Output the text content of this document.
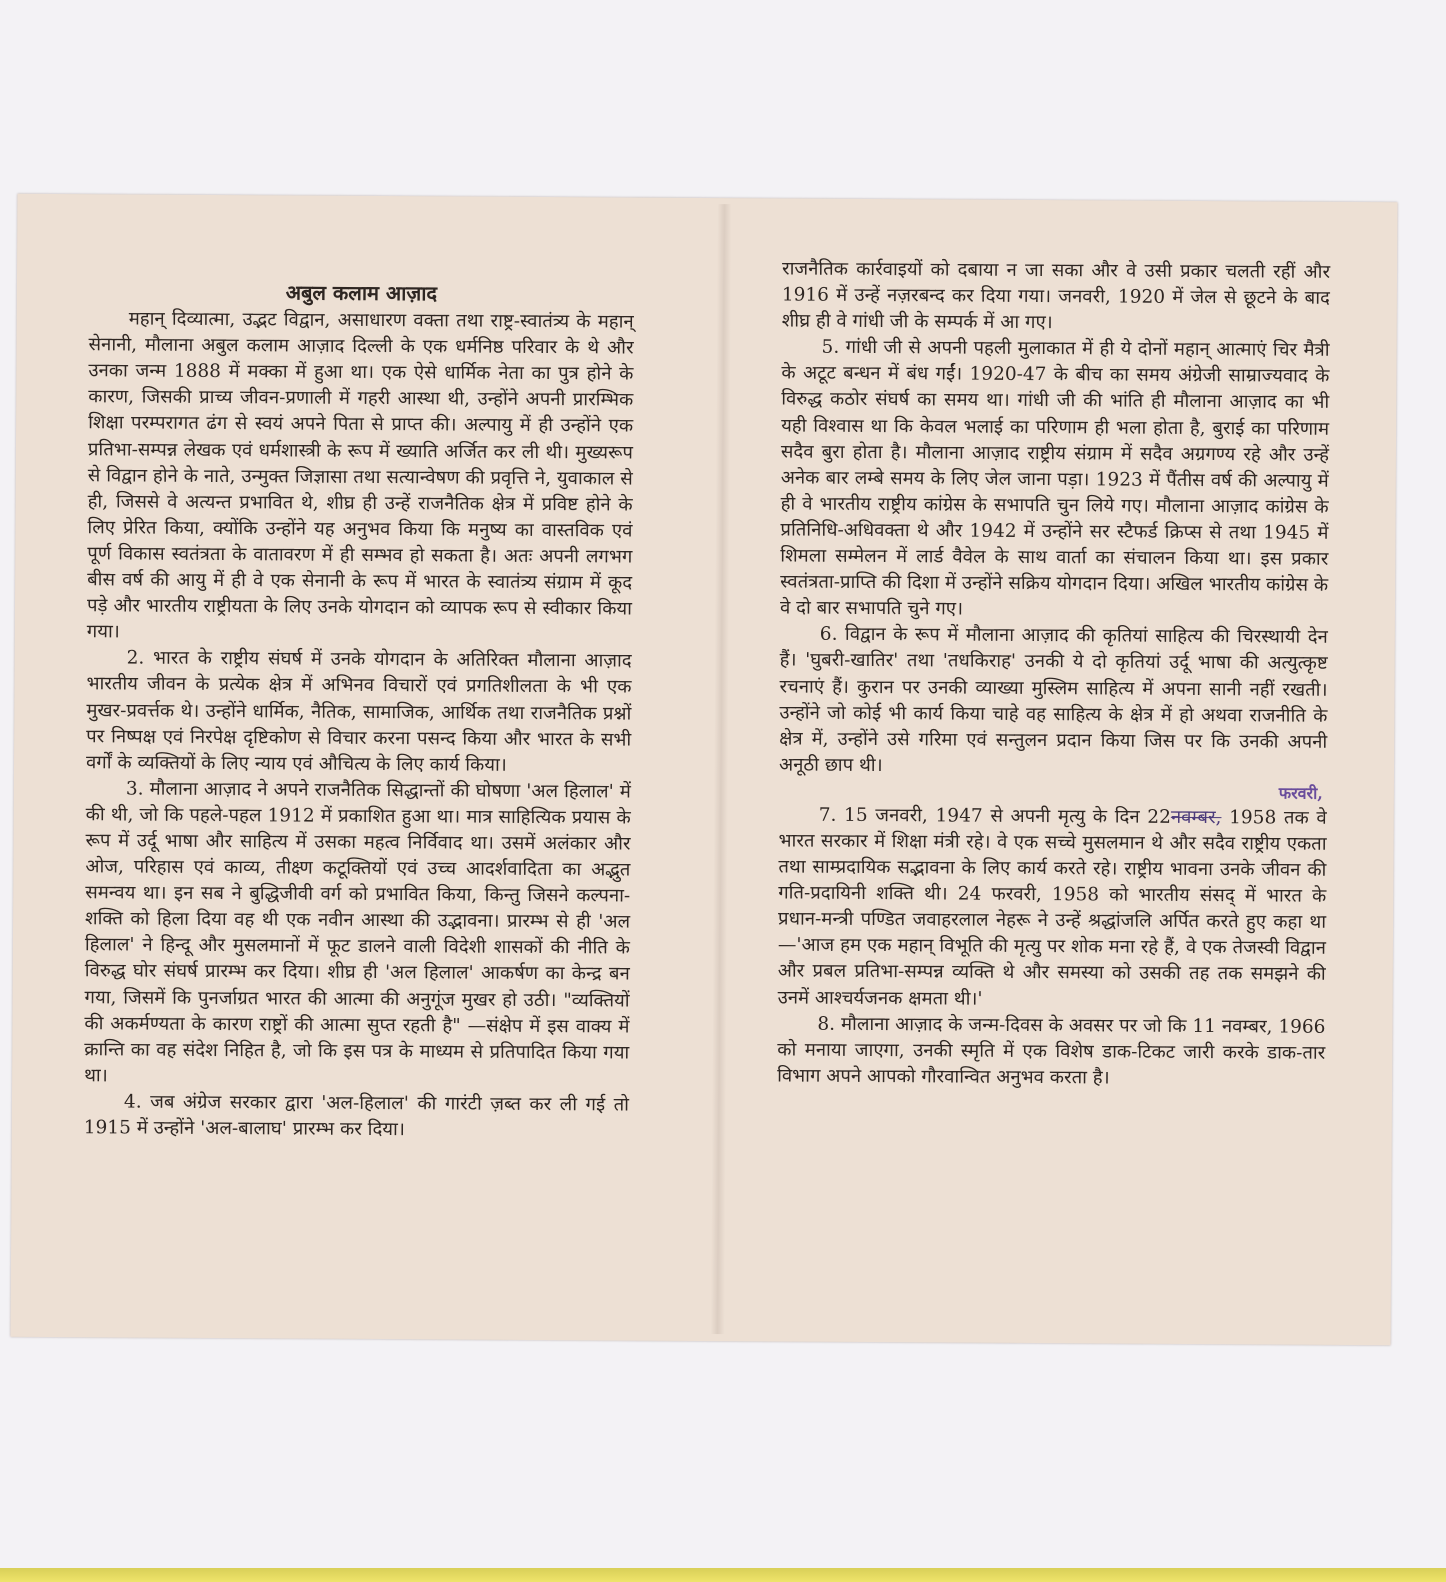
अबुल कलाम आज़ाद

महान् दिव्यात्मा, उद्भट विद्वान, असाधारण वक्ता तथा राष्ट्र-स्वातंत्र्य के महान् सेनानी, मौलाना अबुल कलाम आज़ाद दिल्ली के एक धर्मनिष्ठ परिवार के थे और उनका जन्म 1888 में मक्का में हुआ था। एक ऐसे धार्मिक नेता का पुत्र होने के कारण, जिसकी प्राच्य जीवन-प्रणाली में गहरी आस्था थी, उन्होंने अपनी प्रारम्भिक शिक्षा परम्परागत ढंग से स्वयं अपने पिता से प्राप्त की। अल्पायु में ही उन्होंने एक प्रतिभा-सम्पन्न लेखक एवं धर्मशास्त्री के रूप में ख्याति अर्जित कर ली थी। मुख्यरूप से विद्वान होने के नाते, उन्मुक्त जिज्ञासा तथा सत्यान्वेषण की प्रवृत्ति ने, युवाकाल से ही, जिससे वे अत्यन्त प्रभावित थे, शीघ्र ही उन्हें राजनैतिक क्षेत्र में प्रविष्ट होने के लिए प्रेरित किया, क्योंकि उन्होंने यह अनुभव किया कि मनुष्य का वास्तविक एवं पूर्ण विकास स्वतंत्रता के वातावरण में ही सम्भव हो सकता है। अतः अपनी लगभग बीस वर्ष की आयु में ही वे एक सेनानी के रूप में भारत के स्वातंत्र्य संग्राम में कूद पड़े और भारतीय राष्ट्रीयता के लिए उनके योगदान को व्यापक रूप से स्वीकार किया गया।

2. भारत के राष्ट्रीय संघर्ष में उनके योगदान के अतिरिक्त मौलाना आज़ाद भारतीय जीवन के प्रत्येक क्षेत्र में अभिनव विचारों एवं प्रगतिशीलता के भी एक मुखर-प्रवर्त्तक थे। उन्होंने धार्मिक, नैतिक, सामाजिक, आर्थिक तथा राजनैतिक प्रश्नों पर निष्पक्ष एवं निरपेक्ष दृष्टिकोण से विचार करना पसन्द किया और भारत के सभी वर्गों के व्यक्तियों के लिए न्याय एवं औचित्य के लिए कार्य किया।

3. मौलाना आज़ाद ने अपने राजनैतिक सिद्धान्तों की घोषणा 'अल हिलाल' में की थी, जो कि पहले-पहल 1912 में प्रकाशित हुआ था। मात्र साहित्यिक प्रयास के रूप में उर्दू भाषा और साहित्य में उसका महत्व निर्विवाद था। उसमें अलंकार और ओज, परिहास एवं काव्य, तीक्ष्ण कटूक्तियों एवं उच्च आदर्शवादिता का अद्भुत समन्वय था। इन सब ने बुद्धिजीवी वर्ग को प्रभावित किया, किन्तु जिसने कल्पना-शक्ति को हिला दिया वह थी एक नवीन आस्था की उद्भावना। प्रारम्भ से ही 'अल हिलाल' ने हिन्दू और मुसलमानों में फूट डालने वाली विदेशी शासकों की नीति के विरुद्ध घोर संघर्ष प्रारम्भ कर दिया। शीघ्र ही 'अल हिलाल' आकर्षण का केन्द्र बन गया, जिसमें कि पुनर्जाग्रत भारत की आत्मा की अनुगूंज मुखर हो उठी। "व्यक्तियों की अकर्मण्यता के कारण राष्ट्रों की आत्मा सुप्त रहती है" —संक्षेप में इस वाक्य में क्रान्ति का वह संदेश निहित है, जो कि इस पत्र के माध्यम से प्रतिपादित किया गया था।

4. जब अंग्रेज सरकार द्वारा 'अल-हिलाल' की गारंटी ज़ब्त कर ली गई तो 1915 में उन्होंने 'अल-बालाघ' प्रारम्भ कर दिया।

राजनैतिक कार्रवाइयों को दबाया न जा सका और वे उसी प्रकार चलती रहीं और 1916 में उन्हें नज़रबन्द कर दिया गया। जनवरी, 1920 में जेल से छूटने के बाद शीघ्र ही वे गांधी जी के सम्पर्क में आ गए।

5. गांधी जी से अपनी पहली मुलाकात में ही ये दोनों महान् आत्माएं चिर मैत्री के अटूट बन्धन में बंध गईं। 1920-47 के बीच का समय अंग्रेजी साम्राज्यवाद के विरुद्ध कठोर संघर्ष का समय था। गांधी जी की भांति ही मौलाना आज़ाद का भी यही विश्वास था कि केवल भलाई का परिणाम ही भला होता है, बुराई का परिणाम सदैव बुरा होता है। मौलाना आज़ाद राष्ट्रीय संग्राम में सदैव अग्रगण्य रहे और उन्हें अनेक बार लम्बे समय के लिए जेल जाना पड़ा। 1923 में पैंतीस वर्ष की अल्पायु में ही वे भारतीय राष्ट्रीय कांग्रेस के सभापति चुन लिये गए। मौलाना आज़ाद कांग्रेस के प्रतिनिधि-अधिवक्ता थे और 1942 में उन्होंने सर स्टैफर्ड क्रिप्स से तथा 1945 में शिमला सम्मेलन में लार्ड वैवेल के साथ वार्ता का संचालन किया था। इस प्रकार स्वतंत्रता-प्राप्ति की दिशा में उन्होंने सक्रिय योगदान दिया। अखिल भारतीय कांग्रेस के वे दो बार सभापति चुने गए।

6. विद्वान के रूप में मौलाना आज़ाद की कृतियां साहित्य की चिरस्थायी देन हैं। 'घुबरी-खातिर' तथा 'तधकिराह' उनकी ये दो कृतियां उर्दू भाषा की अत्युत्कृष्ट रचनाएं हैं। कुरान पर उनकी व्याख्या मुस्लिम साहित्य में अपना सानी नहीं रखती। उन्होंने जो कोई भी कार्य किया चाहे वह साहित्य के क्षेत्र में हो अथवा राजनीति के क्षेत्र में, उन्होंने उसे गरिमा एवं सन्तुलन प्रदान किया जिस पर कि उनकी अपनी अनूठी छाप थी।

फरवरी,

7. 15 जनवरी, 1947 से अपनी मृत्यु के दिन 22नवम्बर, 1958 तक वे भारत सरकार में शिक्षा मंत्री रहे। वे एक सच्चे मुसलमान थे और सदैव राष्ट्रीय एकता तथा साम्प्रदायिक सद्भावना के लिए कार्य करते रहे। राष्ट्रीय भावना उनके जीवन की गति-प्रदायिनी शक्ति थी। 24 फरवरी, 1958 को भारतीय संसद् में भारत के प्रधान-मन्त्री पण्डित जवाहरलाल नेहरू ने उन्हें श्रद्धांजलि अर्पित करते हुए कहा था—'आज हम एक महान् विभूति की मृत्यु पर शोक मना रहे हैं, वे एक तेजस्वी विद्वान और प्रबल प्रतिभा-सम्पन्न व्यक्ति थे और समस्या को उसकी तह तक समझने की उनमें आश्चर्यजनक क्षमता थी।'

8. मौलाना आज़ाद के जन्म-दिवस के अवसर पर जो कि 11 नवम्बर, 1966 को मनाया जाएगा, उनकी स्मृति में एक विशेष डाक-टिकट जारी करके डाक-तार विभाग अपने आपको गौरवान्वित अनुभव करता है।
